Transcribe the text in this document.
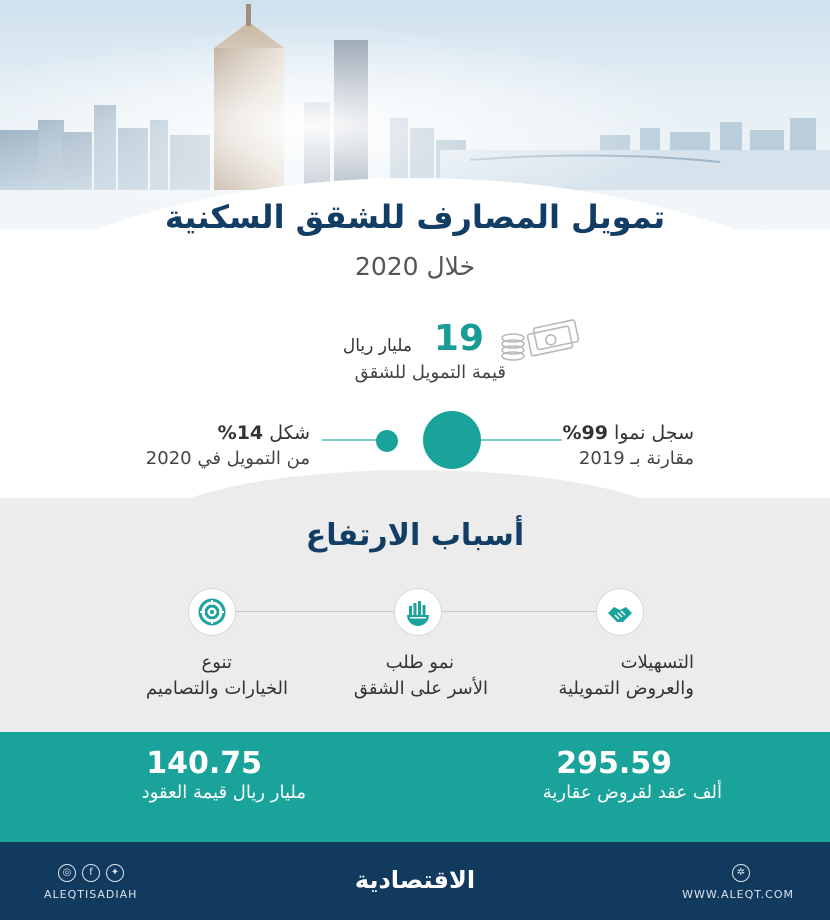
تمويل المصارف للشقق السكنية
خلال 2020
19
مليار ريال
قيمة التمويل للشقق
سجل نموا 99%
مقارنة بـ 2019
شكل 14%
من التمويل في 2020
أسباب الارتفاع
التسهيلات
والعروض التمويلية
نمو طلب
الأسر على الشقق
تنوع
الخيارات والتصاميم
295.59
ألف عقد لقروض عقارية
140.75
مليار ريال قيمة العقود
◎	f	✦
ALEQTISADIAH
الاقتصادية	✲
WWW.ALEQT.COM
